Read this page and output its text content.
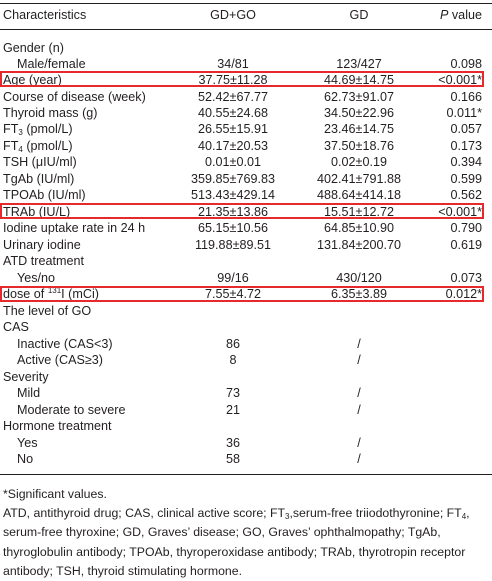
Characteristics	GD+GO	GD	P value
Gender (n)
Male/female	34/81	123/427	0.098
Age (year)	37.75±11.28	44.69±14.75	<0.001*
Course of disease (week)	52.42±67.77	62.73±91.07	0.166
Thyroid mass (g)	40.55±24.68	34.50±22.96	0.011*
$FT_3$ (pmol/L)	26.55±15.91	23.46±14.75	0.057
$FT_4$ (pmol/L)	40.17±20.53	37.50±18.76	0.173
TSH (μIU/ml)	0.01±0.01	0.02±0.19	0.394
TgAb (IU/ml)	359.85±769.83	402.41±791.88	0.599
TPOAb (IU/ml)	513.43±429.14	488.64±414.18	0.562
TRAb (IU/L)	21.35±13.86	15.51±12.72	<0.001*
Iodine uptake rate in 24 h	65.15±10.56	64.85±10.90	0.790
Urinary iodine	119.88±89.51	131.84±200.70	0.619
ATD treatment
Yes/no	99/16	430/120	0.073
dose of $^{131}$I (mCi)	7.55±4.72	6.35±3.89	0.012*
The level of GO
CAS
Inactive (CAS<3)	86	/
Active (CAS≥3)	8	/
Severity
Mild	73	/
Moderate to severe	21	/
Hormone treatment
Yes	36	/
No	58	/

*Significant values.

ATD, antithyroid drug; CAS, clinical active score; $FT_3,serum$-free triiodothyronine; $FT_4$, serum-free thyroxine; GD, Graves’ disease; GO, Graves’ ophthalmopathy; TgAb, thyroglobulin antibody; TPOAb, thyroperoxidase antibody; TRAb, thyrotropin receptor antibody; TSH, thyroid stimulating hormone.
